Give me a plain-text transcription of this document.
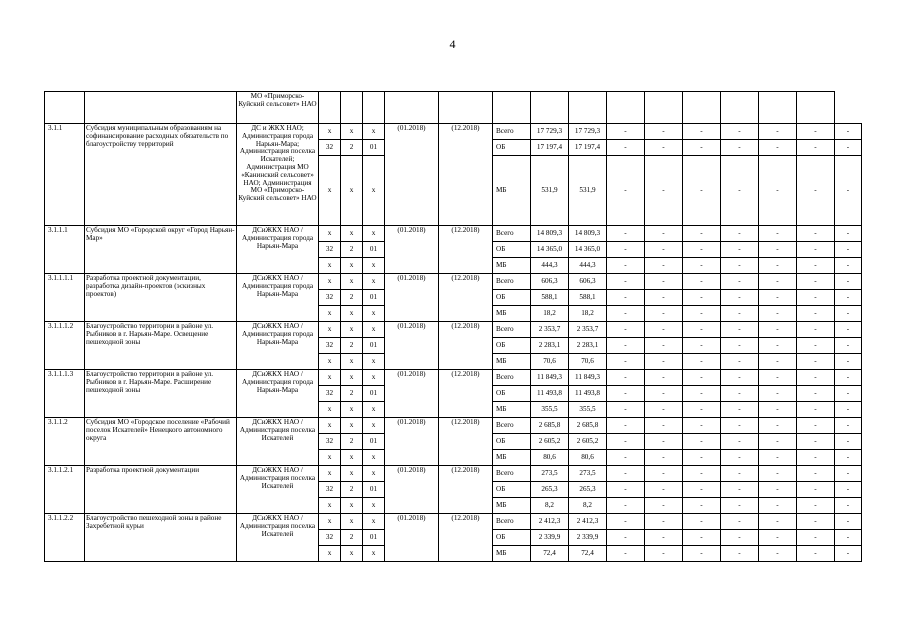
4
		МО «Приморско-Куйский сельсовет» НАО															
3.1.1	Субсидия муниципальным образованиям на софинансирование расходных обязательств по благоустройству территорий	ДС и ЖКХ НАО; Администрация города Нарьян-Мара; Администрация поселка Искателей; Администрация МО «Канинский сельсовет» НАО; Администрация МО «Приморско-Куйский сельсовет» НАО	х	х	х	(01.2018)	(12.2018)	Всего	17 729,3	17 729,3	-	-	-	-	-	-	-
			32	2	01			ОБ	17 197,4	17 197,4	-	-	-	-	-	-	-
			х	х	х			МБ	531,9	531,9	-	-	-	-	-	-	-
3.1.1.1	Субсидия МО «Городской округ «Город Нарьян-Мар»	ДСиЖКХ НАО / Администрация города Нарьян-Мара	х	х	х	(01.2018)	(12.2018)	Всего	14 809,3	14 809,3	-	-	-	-	-	-	-
			32	2	01			ОБ	14 365,0	14 365,0	-	-	-	-	-	-	-
			х	х	х			МБ	444,3	444,3	-	-	-	-	-	-	-
3.1.1.1.1	Разработка проектной документации, разработка дизайн-проектов (эскизных проектов)	ДСиЖКХ НАО / Администрация города Нарьян-Мара	х	х	х	(01.2018)	(12.2018)	Всего	606,3	606,3	-	-	-	-	-	-	-
			32	2	01			ОБ	588,1	588,1	-	-	-	-	-	-	-
			х	х	х			МБ	18,2	18,2	-	-	-	-	-	-	-
3.1.1.1.2	Благоустройство территории в районе ул. Рыбников в г. Нарьян-Маре. Освещение пешеходной зоны	ДСиЖКХ НАО / Администрация города Нарьян-Мара	х	х	х	(01.2018)	(12.2018)	Всего	2 353,7	2 353,7	-	-	-	-	-	-	-
			32	2	01			ОБ	2 283,1	2 283,1	-	-	-	-	-	-	-
			х	х	х			МБ	70,6	70,6	-	-	-	-	-	-	-
3.1.1.1.3	Благоустройство территории в районе ул. Рыбников в г. Нарьян-Маре. Расширение пешеходной зоны	ДСиЖКХ НАО / Администрация города Нарьян-Мара	х	х	х	(01.2018)	(12.2018)	Всего	11 849,3	11 849,3	-	-	-	-	-	-	-
			32	2	01			ОБ	11 493,8	11 493,8	-	-	-	-	-	-	-
			х	х	х			МБ	355,5	355,5	-	-	-	-	-	-	-
3.1.1.2	Субсидия МО «Городское поселение «Рабочий поселок Искателей» Ненецкого автономного округа	ДСиЖКХ НАО / Администрация поселка Искателей	х	х	х	(01.2018)	(12.2018)	Всего	2 685,8	2 685,8	-	-	-	-	-	-	-
			32	2	01			ОБ	2 605,2	2 605,2	-	-	-	-	-	-	-
			х	х	х			МБ	80,6	80,6	-	-	-	-	-	-	-
3.1.1.2.1	Разработка проектной документации	ДСиЖКХ НАО / Администрация поселка Искателей	х	х	х	(01.2018)	(12.2018)	Всего	273,5	273,5	-	-	-	-	-	-	-
			32	2	01			ОБ	265,3	265,3	-	-	-	-	-	-	-
			х	х	х			МБ	8,2	8,2	-	-	-	-	-	-	-
3.1.1.2.2	Благоустройство пешеходной зоны в районе Захребетной курьи	ДСиЖКХ НАО / Администрация поселка Искателей	х	х	х	(01.2018)	(12.2018)	Всего	2 412,3	2 412,3	-	-	-	-	-	-	-
			32	2	01			ОБ	2 339,9	2 339,9	-	-	-	-	-	-	-
			х	х	х			МБ	72,4	72,4	-	-	-	-	-	-	-
